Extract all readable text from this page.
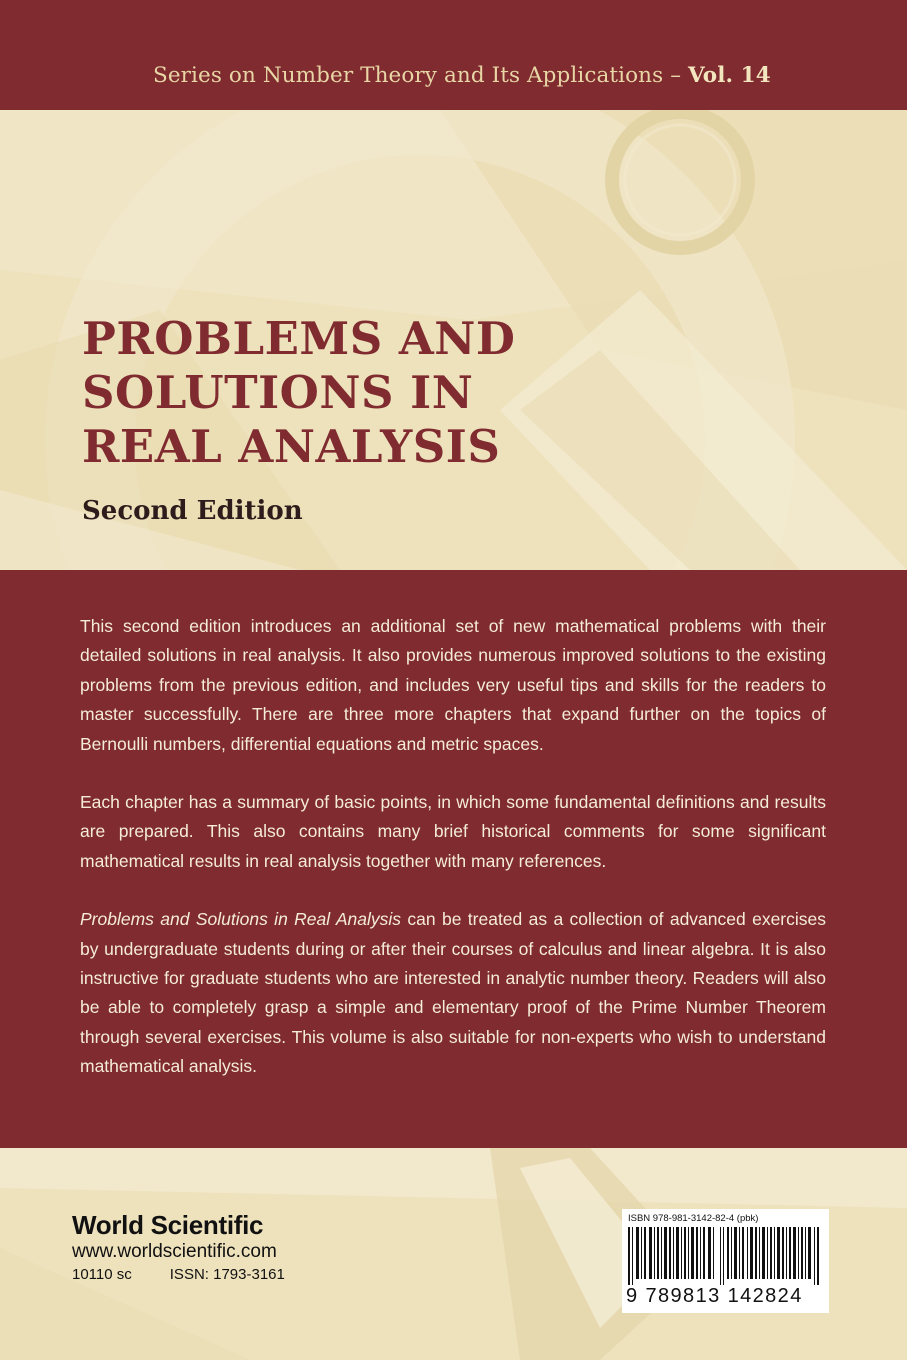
Series on Number Theory and Its Applications – Vol. 14
PROBLEMS AND
SOLUTIONS IN
REAL ANALYSIS
Second Edition

This second edition introduces an additional set of new mathematical problems with their detailed solutions in real analysis. It also provides numerous improved solutions to the existing problems from the previous edition, and includes very useful tips and skills for the readers to master successfully. There are three more chapters that expand further on the topics of Bernoulli numbers, differential equations and metric spaces.

Each chapter has a summary of basic points, in which some fundamental definitions and results are prepared. This also contains many brief historical comments for some significant mathematical results in real analysis together with many references.

Problems and Solutions in Real Analysis can be treated as a collection of advanced exercises by undergraduate students during or after their courses of calculus and linear algebra. It is also instructive for graduate students who are interested in analytic number theory. Readers will also be able to completely grasp a simple and elementary proof of the Prime Number Theorem through several exercises. This volume is also suitable for non-experts who wish to understand mathematical analysis.

World Scientific
www.worldscientific.com
10110 sc	ISSN: 1793-3161
ISBN 978-981-3142-82-4 (pbk)
9 789813 142824
